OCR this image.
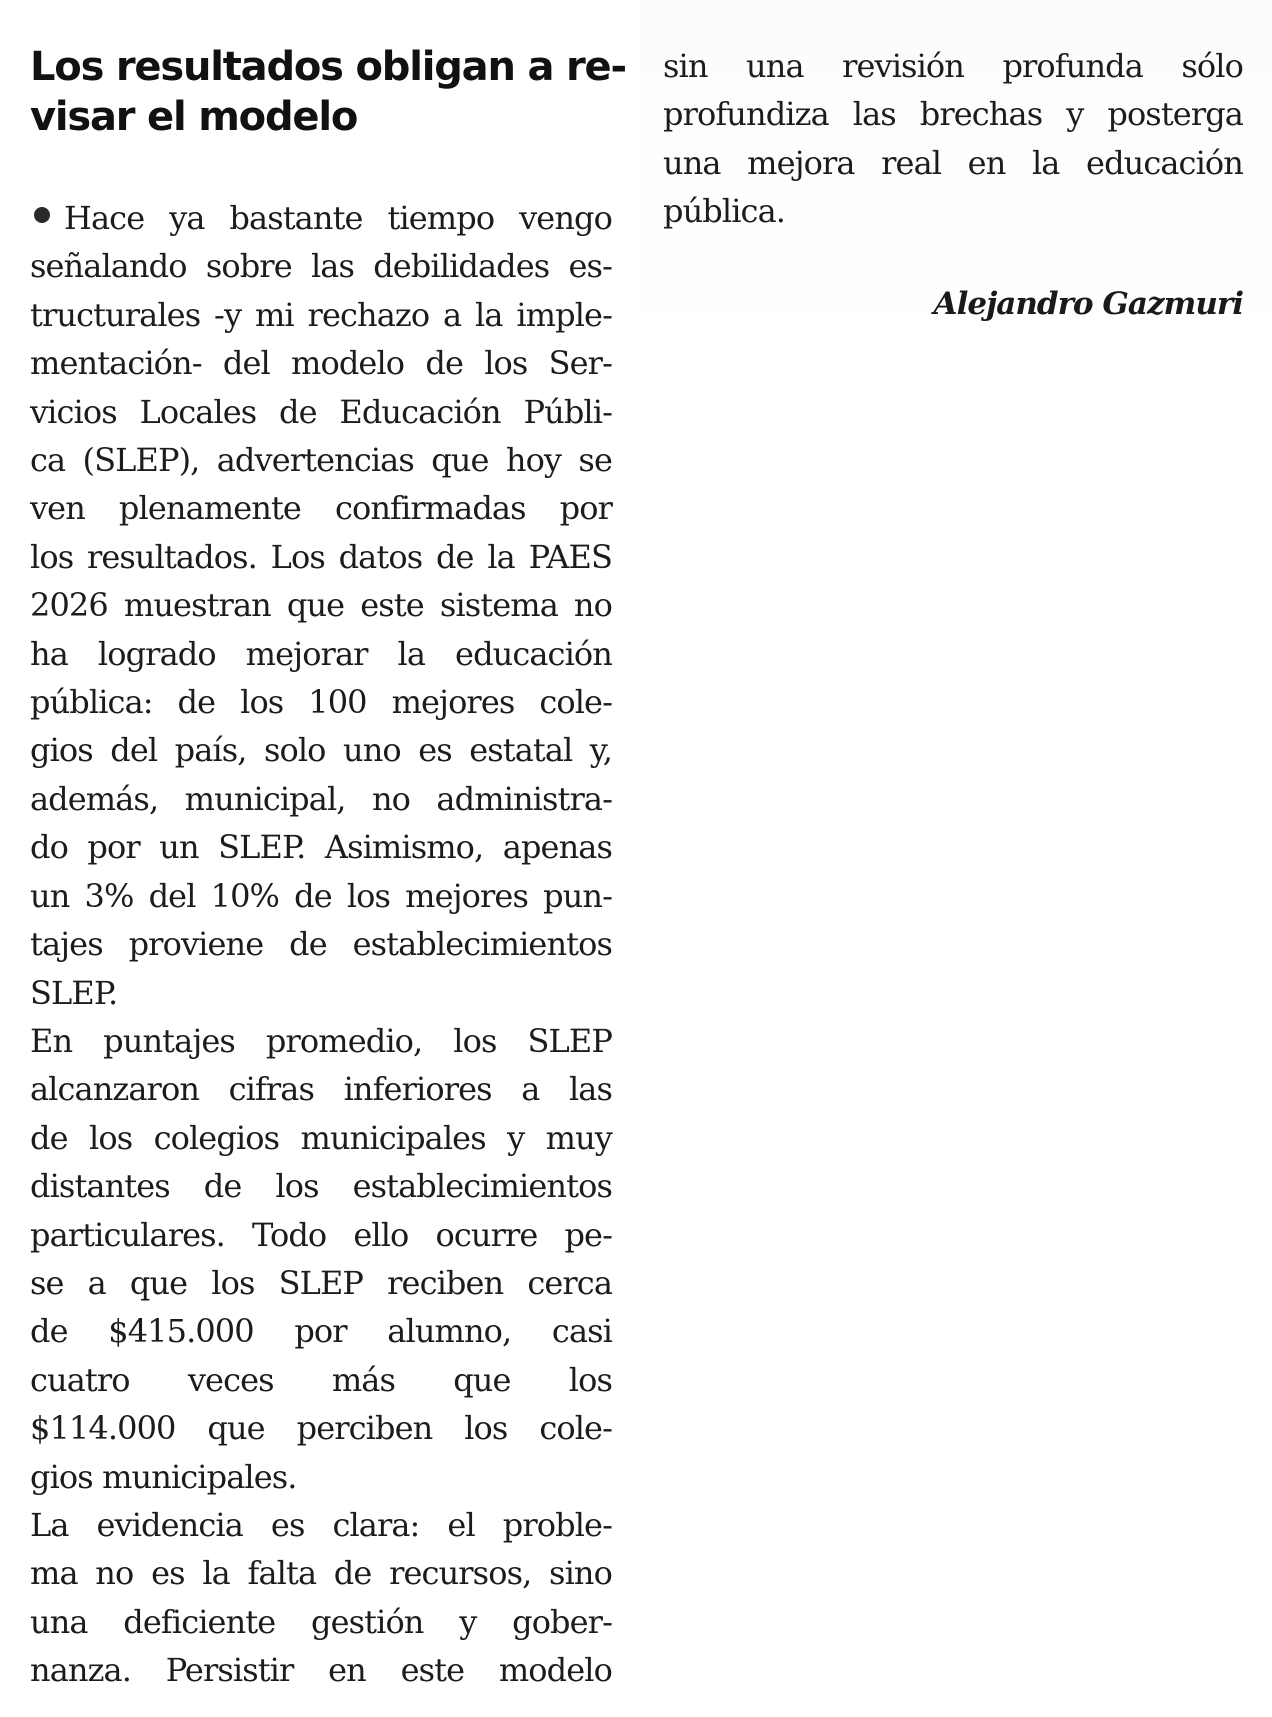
Los resultados obligan a re-
visar el modelo
Hace ya bastante tiempo vengo
señalando sobre las debilidades es-
tructurales -y mi rechazo a la imple-
mentación- del modelo de los Ser-
vicios Locales de Educación Públi-
ca (SLEP), advertencias que hoy se
ven plenamente confirmadas por
los resultados. Los datos de la PAES
2026 muestran que este sistema no
ha logrado mejorar la educación
pública: de los 100 mejores cole-
gios del país, solo uno es estatal y,
además, municipal, no administra-
do por un SLEP. Asimismo, apenas
un 3% del 10% de los mejores pun-
tajes proviene de establecimientos
SLEP.
En puntajes promedio, los SLEP
alcanzaron cifras inferiores a las
de los colegios municipales y muy
distantes de los establecimientos
particulares. Todo ello ocurre pe-
se a que los SLEP reciben cerca
de $415.000 por alumno, casi
cuatro veces más que los
$114.000 que perciben los cole-
gios municipales.
La evidencia es clara: el proble-
ma no es la falta de recursos, sino
una deficiente gestión y gober-
nanza. Persistir en este modelo
sin una revisión profunda sólo
profundiza las brechas y posterga
una mejora real en la educación
pública.
Alejandro Gazmuri
